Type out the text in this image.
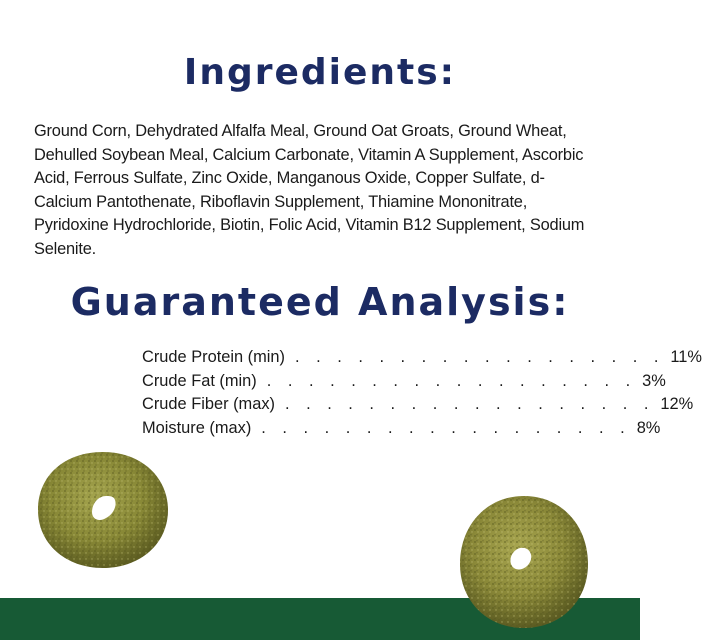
Ingredients:
Ground Corn, Dehydrated Alfalfa Meal, Ground Oat Groats, Ground Wheat, Dehulled Soybean Meal, Calcium Carbonate, Vitamin A Supplement, Ascorbic Acid, Ferrous Sulfate, Zinc Oxide, Manganous Oxide, Copper Sulfate, d-Calcium Pantothenate, Riboflavin Supplement, Thiamine Mononitrate, Pyridoxine Hydrochloride, Biotin, Folic Acid, Vitamin B12 Supplement, Sodium Selenite.
Guaranteed Analysis:
Crude Protein (min) . . . . . . . . . . . . . . . . . . 11%
Crude Fat (min) . . . . . . . . . . . . . . . . . . 3%
Crude Fiber (max) . . . . . . . . . . . . . . . . . . 12%
Moisture (max) . . . . . . . . . . . . . . . . . . 8%
